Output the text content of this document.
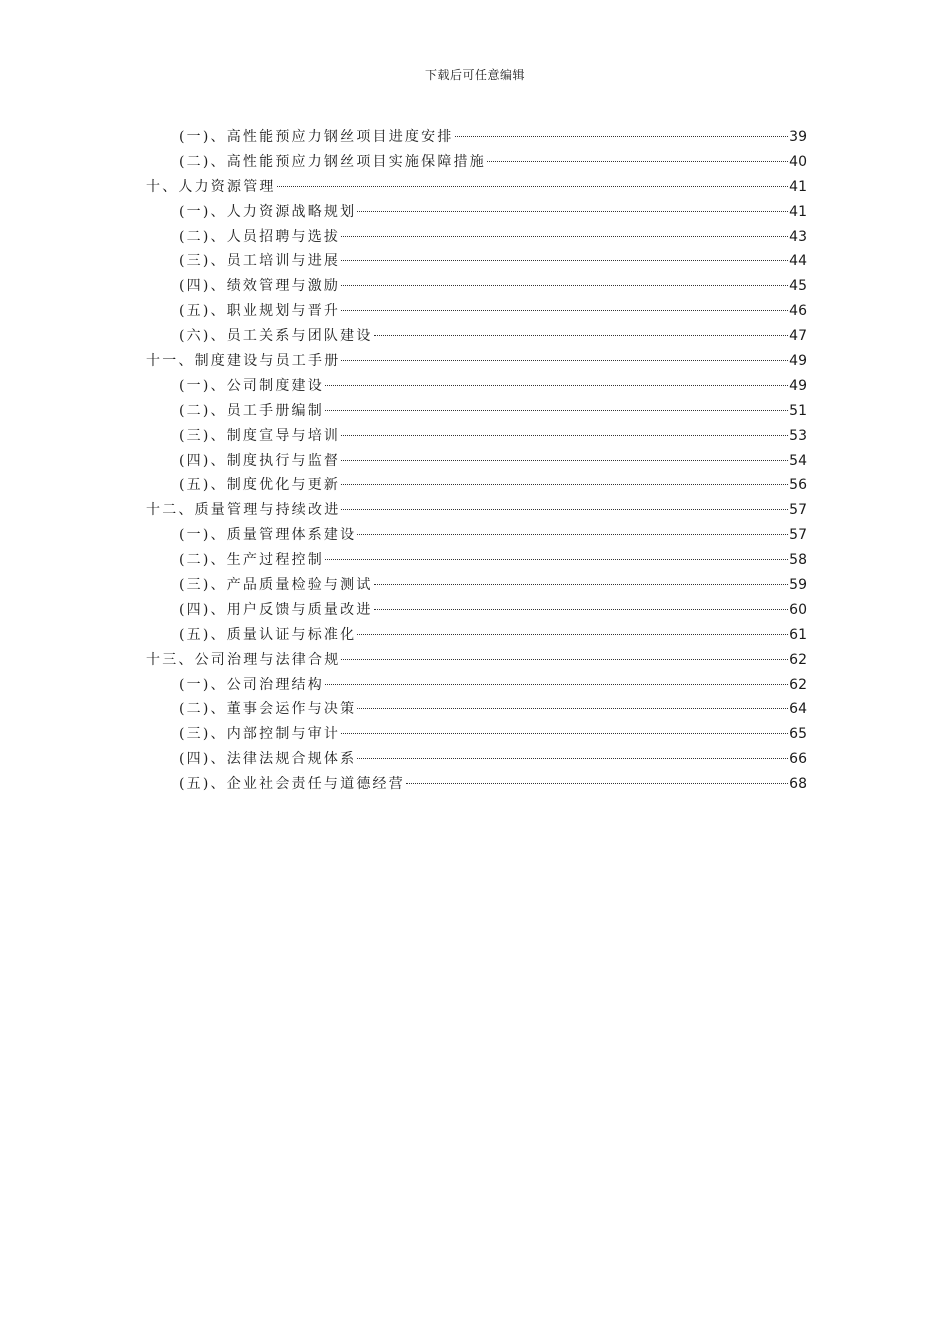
下载后可任意编辑
(一)、高性能预应力钢丝项目进度安排	39
(二)、高性能预应力钢丝项目实施保障措施	40
十、人力资源管理	41
(一)、人力资源战略规划	41
(二)、人员招聘与选拔	43
(三)、员工培训与进展	44
(四)、绩效管理与激励	45
(五)、职业规划与晋升	46
(六)、员工关系与团队建设	47
十一、制度建设与员工手册	49
(一)、公司制度建设	49
(二)、员工手册编制	51
(三)、制度宣导与培训	53
(四)、制度执行与监督	54
(五)、制度优化与更新	56
十二、质量管理与持续改进	57
(一)、质量管理体系建设	57
(二)、生产过程控制	58
(三)、产品质量检验与测试	59
(四)、用户反馈与质量改进	60
(五)、质量认证与标准化	61
十三、公司治理与法律合规	62
(一)、公司治理结构	62
(二)、董事会运作与决策	64
(三)、内部控制与审计	65
(四)、法律法规合规体系	66
(五)、企业社会责任与道德经营	68
